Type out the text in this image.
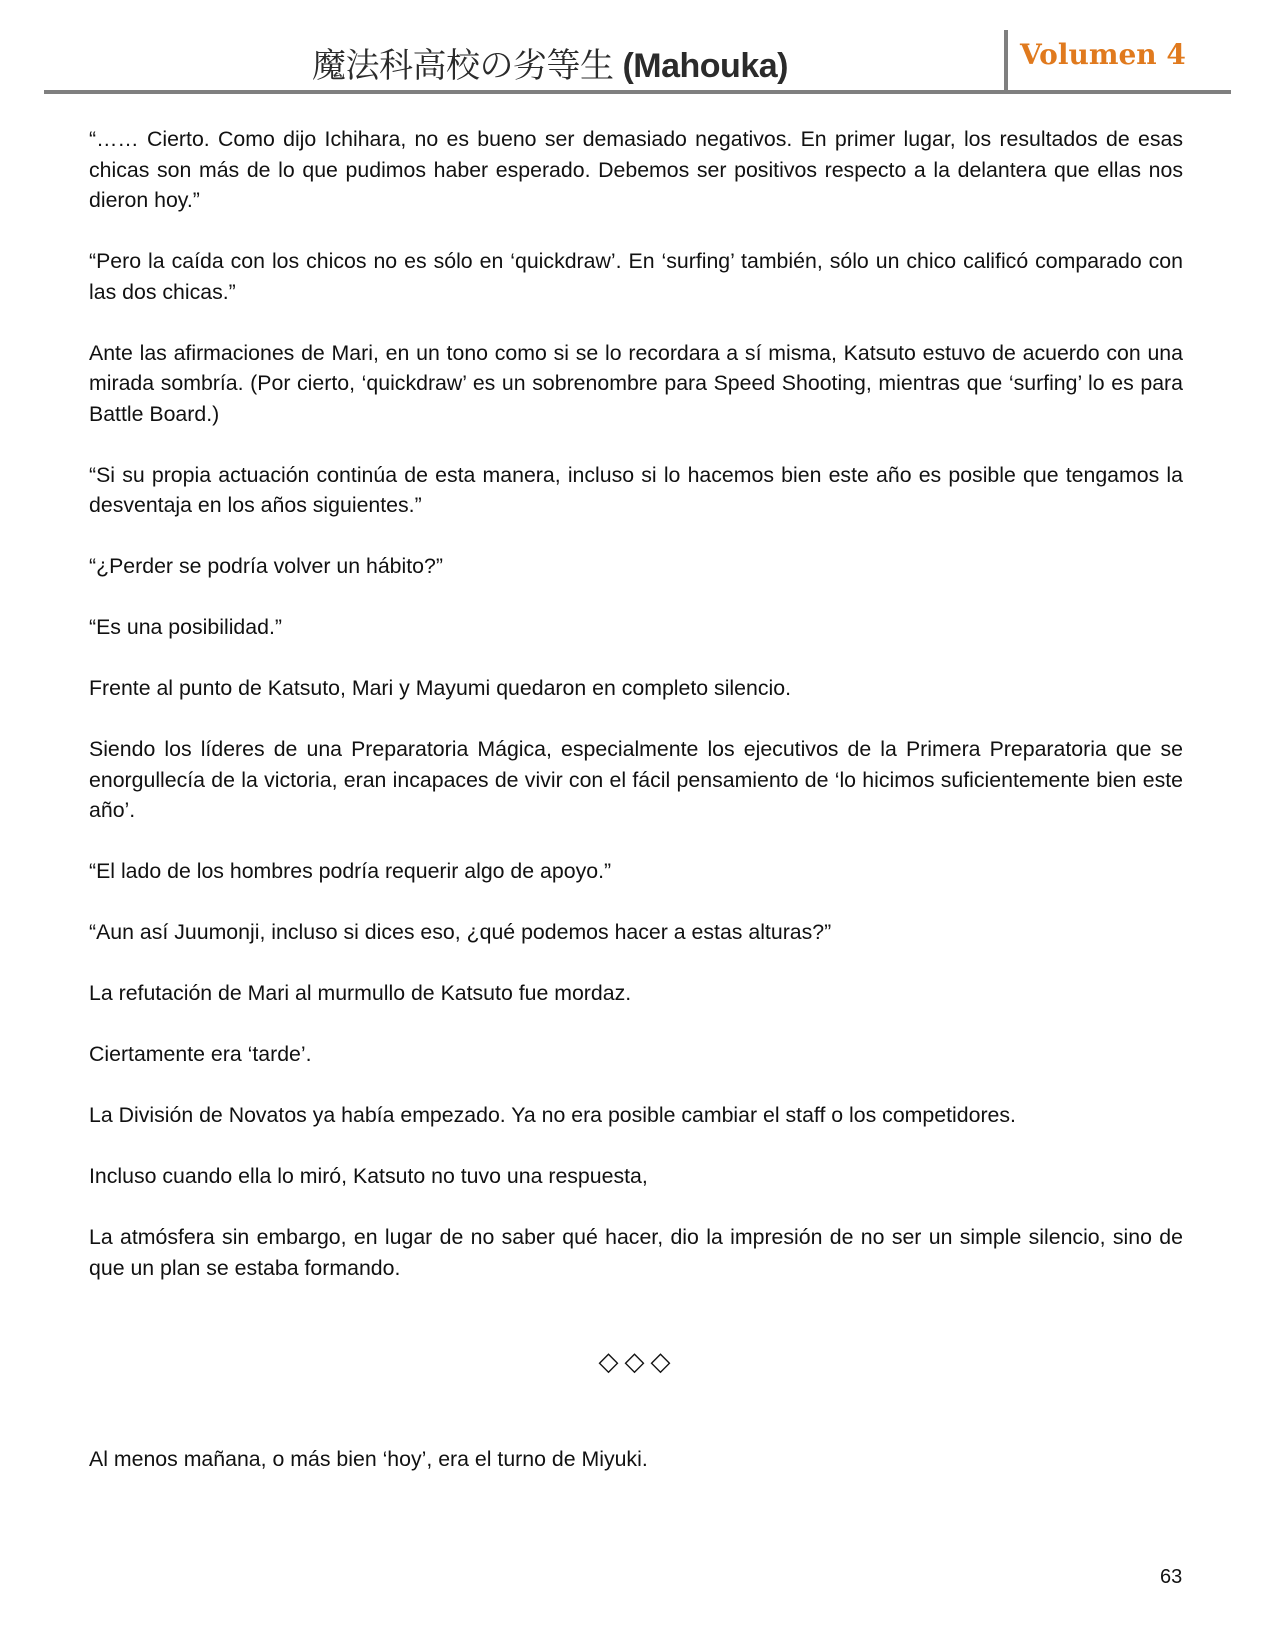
魔法科高校の劣等生 (Mahouka)	Volumen 4

“…… Cierto. Como dijo Ichihara, no es bueno ser demasiado negativos. En primer lugar, los resultados de esas chicas son más de lo que pudimos haber esperado. Debemos ser positivos respecto a la delantera que ellas nos dieron hoy.”

“Pero la caída con los chicos no es sólo en ‘quickdraw’. En ‘surfing’ también, sólo un chico calificó comparado con las dos chicas.”

Ante las afirmaciones de Mari, en un tono como si se lo recordara a sí misma, Katsuto estuvo de acuerdo con una mirada sombría. (Por cierto, ‘quickdraw’ es un sobrenombre para Speed Shooting, mientras que ‘surfing’ lo es para Battle Board.)

“Si su propia actuación continúa de esta manera, incluso si lo hacemos bien este año es posible que tengamos la desventaja en los años siguientes.”

“¿Perder se podría volver un hábito?”

“Es una posibilidad.”

Frente al punto de Katsuto, Mari y Mayumi quedaron en completo silencio.

Siendo los líderes de una Preparatoria Mágica, especialmente los ejecutivos de la Primera Preparatoria que se enorgullecía de la victoria, eran incapaces de vivir con el fácil pensamiento de ‘lo hicimos suficientemente bien este año’.

“El lado de los hombres podría requerir algo de apoyo.”

“Aun así Juumonji, incluso si dices eso, ¿qué podemos hacer a estas alturas?”

La refutación de Mari al murmullo de Katsuto fue mordaz.

Ciertamente era ‘tarde’.

La División de Novatos ya había empezado. Ya no era posible cambiar el staff o los competidores.

Incluso cuando ella lo miró, Katsuto no tuvo una respuesta,

La atmósfera sin embargo, en lugar de no saber qué hacer, dio la impresión de no ser un simple silencio, sino de que un plan se estaba formando.

◇◇◇
Al menos mañana, o más bien ‘hoy’, era el turno de Miyuki.
63
